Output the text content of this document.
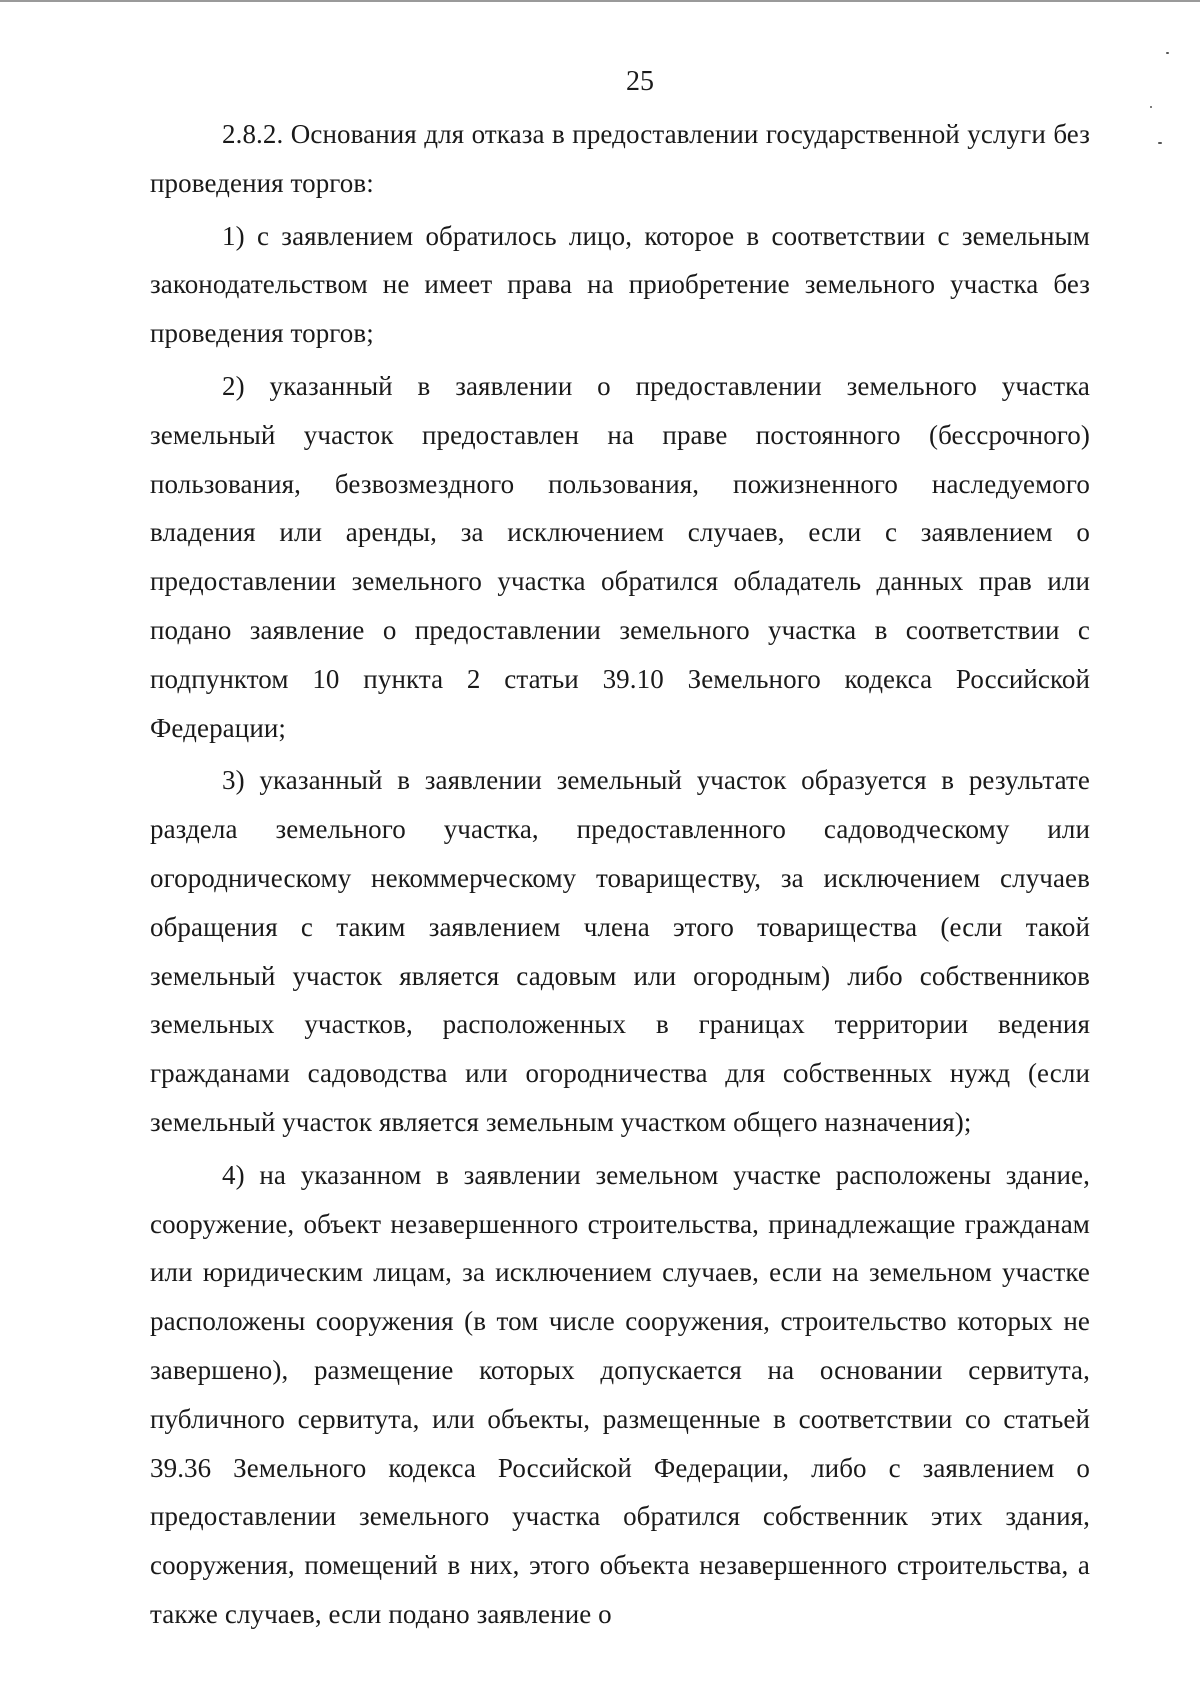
25

2.8.2. Основания для отказа в предоставлении государственной услуги без проведения торгов:

1) с заявлением обратилось лицо, которое в соответствии с земельным законодательством не имеет права на приобретение земельного участка без проведения торгов;

2) указанный в заявлении о предоставлении земельного участка земельный участок предоставлен на праве постоянного (бессрочного) пользования, безвозмездного пользования, пожизненного наследуемого владения или аренды, за исключением случаев, если с заявлением о предоставлении земельного участка обратился обладатель данных прав или подано заявление о предоставлении земельного участка в соответствии с подпунктом 10 пункта 2 статьи 39.10 Земельного кодекса Российской Федерации;

3) указанный в заявлении земельный участок образуется в результате раздела земельного участка, предоставленного садоводческому или огородническому некоммерческому товариществу, за исключением случаев обращения с таким заявлением члена этого товарищества (если такой земельный участок является садовым или огородным) либо собственников земельных участков, расположенных в границах территории ведения гражданами садоводства или огородничества для собственных нужд (если земельный участок является земельным участком общего назначения);

4) на указанном в заявлении земельном участке расположены здание, сооружение, объект незавершенного строительства, принадлежащие гражданам или юридическим лицам, за исключением случаев, если на земельном участке расположены сооружения (в том числе сооружения, строительство которых не завершено), размещение которых допускается на основании сервитута, публичного сервитута, или объекты, размещенные в соответствии со статьей 39.36 Земельного кодекса Российской Федерации, либо с заявлением о предоставлении земельного участка обратился собственник этих здания, сооружения, помещений в них, этого объекта незавершенного строительства, а также случаев, если подано заявление о
